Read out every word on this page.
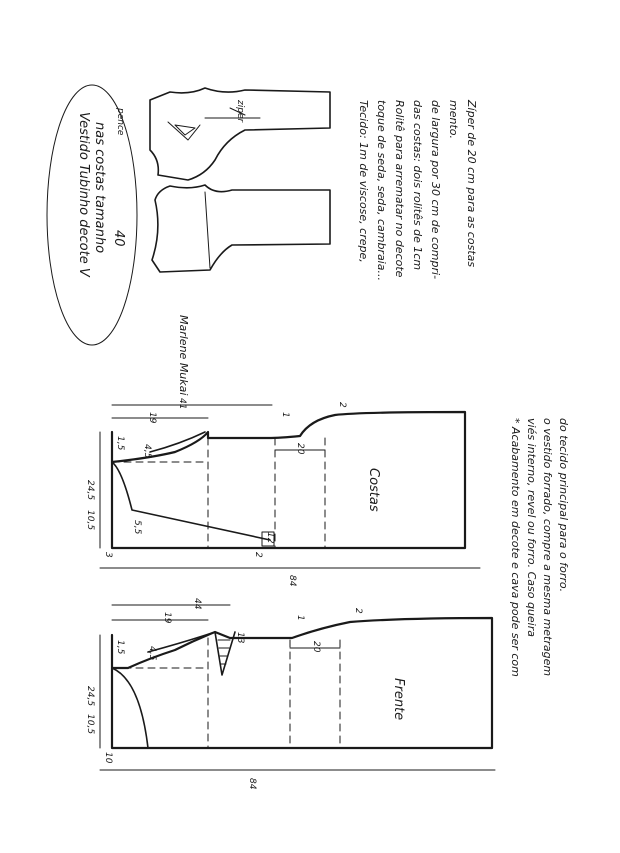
pence	ziper
Vestido Tubinho decote V nas costas tamanho 40
Marlene Mukai
Tecido: 1m de viscose, crepe, toque de seda, seda, cambraia... Rolitê para arrematar no decote das costas: dois rolitês de 1cm de largura por 30 cm de compri- mento. Zíper de 20 cm para as costas
Costas
84
41
19
24,5
10,5
4,5
5,5
1,5
3
20
2
1
2
12
Frente
84
44
19
24,5
10,5
1,5 4,5
10
13
20
1
2	* Acabamento em decote e cava pode ser com viés interno, revel ou forro. Caso queira o vestido forrado, compre a mesma metragem do tecido principal para o forro.
